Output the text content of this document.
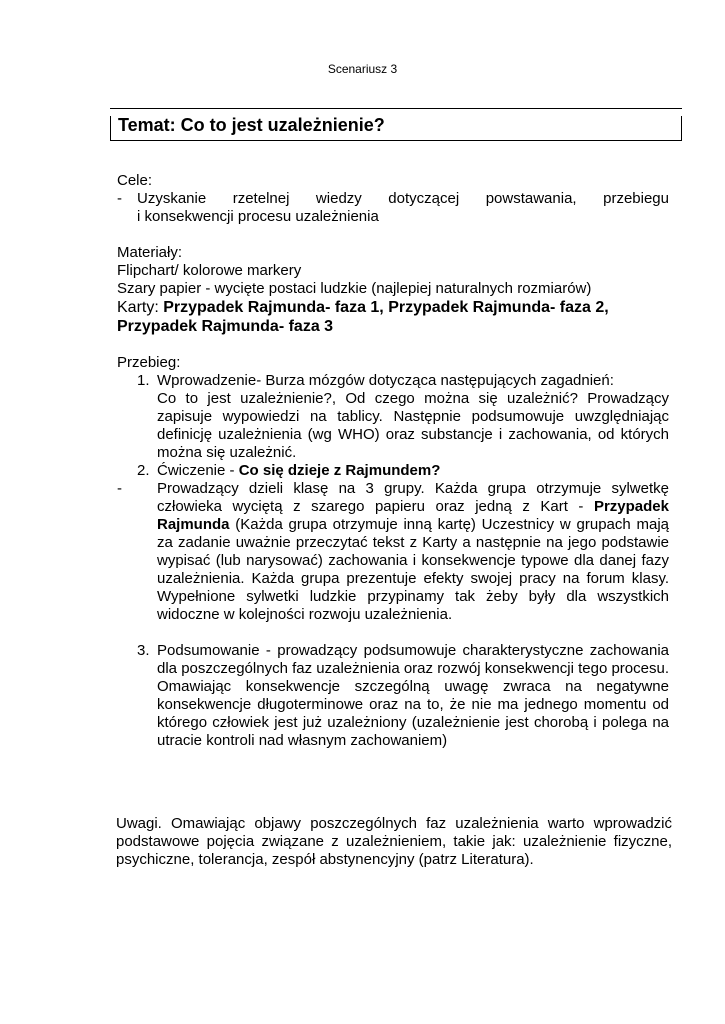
Scenariusz 3
Temat: Co to jest uzależnienie?
Cele:
-	Uzyskanie rzetelnej wiedzy dotyczącej powstawania, przebiegu
i konsekwencji procesu uzależnienia
Materiały:
Flipchart/ kolorowe markery
Szary papier - wycięte postaci ludzkie (najlepiej naturalnych rozmiarów)
Karty: Przypadek Rajmunda- faza 1, Przypadek Rajmunda- faza 2,
Przypadek Rajmunda- faza 3
Przebieg:
1. Wprowadzenie- Burza mózgów dotycząca następujących zagadnień:
Co to jest uzależnienie?, Od czego można się uzależnić? Prowadzący zapisuje wypowiedzi na tablicy. Następnie podsumowuje uwzględniając definicję uzależnienia (wg WHO) oraz substancje i zachowania, od których można się uzależnić.
2. Ćwiczenie - Co się dzieje z Rajmundem?
-	Prowadzący dzieli klasę na 3 grupy. Każda grupa otrzymuje sylwetkę człowieka wyciętą z szarego papieru oraz jedną z Kart - Przypadek Rajmunda (Każda grupa otrzymuje inną kartę) Uczestnicy w grupach mają za zadanie uważnie przeczytać tekst z Karty a następnie na jego podstawie wypisać (lub narysować) zachowania i konsekwencje typowe dla danej fazy uzależnienia. Każda grupa prezentuje efekty swojej pracy na forum klasy. Wypełnione sylwetki ludzkie przypinamy tak żeby były dla wszystkich widoczne w kolejności rozwoju uzależnienia.
3. Podsumowanie - prowadzący podsumowuje charakterystyczne zachowania dla poszczególnych faz uzależnienia oraz rozwój konsekwencji tego procesu. Omawiając konsekwencje szczególną uwagę zwraca na negatywne konsekwencje długoterminowe oraz na to, że nie ma jednego momentu od którego człowiek jest już uzależniony (uzależnienie jest chorobą i polega na utracie kontroli nad własnym zachowaniem)
Uwagi. Omawiając objawy poszczególnych faz uzależnienia warto wprowadzić podstawowe pojęcia związane z uzależnieniem, takie jak: uzależnienie fizyczne, psychiczne, tolerancja, zespół abstynencyjny (patrz Literatura).
